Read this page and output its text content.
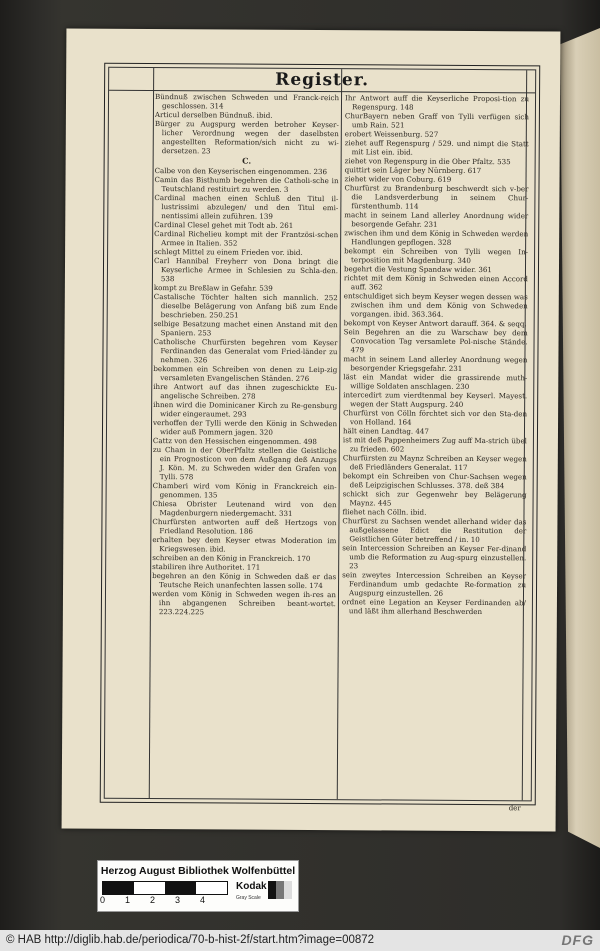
Register.

Bündnuß zwischen Schweden und Franck-reich geschlossen. 314

Articul derselben Bündnuß. ibid.

Bürger zu Augspurg werden betroher Keyser-licher Verordnung wegen der daselbsten angestellten Reformation/sich nicht zu wi-dersetzen. 23

C.

Calbe von den Keyserischen eingenommen. 236

Camin das Bisthumb begehren die Catholi-sche in Teutschland restituirt zu werden. 3

Cardinal machen einen Schluß den Titul il-lustrissimi abzulegen/ und den Titul emi-nentissimi allein zuführen. 139

Cardinal Clesel gehet mit Todt ab. 261

Cardinal Richelieu kompt mit der Frantzösi-schen Armee in Italien. 352

schlegt Mittel zu einem Frieden vor. ibid.

Carl Hannibal Freyherr von Dona bringt die Keyserliche Armee in Schlesien zu Schla-den. 538

kompt zu Breßlaw in Gefahr. 539

Castalische Töchter halten sich mannlich. 252 dieselbe Belägerung von Anfang biß zum Ende beschrieben. 250.251

selbige Besatzung machet einen Anstand mit den Spaniern. 253

Catholische Churfürsten begehren vom Keyser Ferdinanden das Generalat vom Fried-länder zu nehmen. 326

bekommen ein Schreiben von denen zu Leip-zig versamleten Evangelischen Ständen. 276

ihre Antwort auf das ihnen zugeschickte Eu-angelische Schreiben. 278

ihnen wird die Dominicaner Kirch zu Re-gensburg wider eingeraumet. 293

verhoffen der Tylli werde den König in Schweden wider auß Pommern jagen. 320

Cattz von den Hessischen eingenommen. 498

zu Cham in der OberPfaltz stellen die Geistliche ein Prognosticon von dem Außgang deß Anzugs J. Kön. M. zu Schweden wider den Grafen von Tylli. 578

Chamberi wird vom König in Franckreich ein-genommen. 135

Chiesa Obrister Leutenand wird von den Magdenburgern niedergemacht. 331

Churfürsten antworten auff deß Hertzogs von Friedland Resolution. 186

erhalten bey dem Keyser etwas Moderation im Kriegswesen. ibid.

schreiben an den König in Franckreich. 170

stabiliren ihre Authoritet. 171

begehren an den König in Schweden daß er das Teutsche Reich unanfechten lassen solle. 174

werden vom König in Schweden wegen ih-res an ihn abgangenen Schreiben beant-wortet. 223.224.225

Ihr Antwort auff die Keyserliche Proposi-tion zu Regenspurg. 148

ChurBayern neben Graff von Tylli verfügen sich umb Rain. 521

erobert Weissenburg. 527

ziehet auff Regenspurg / 529. und nimpt die Statt mit List ein. ibid.

ziehet von Regenspurg in die Ober Pfaltz. 535

quittirt sein Läger bey Nürnberg. 617

ziehet wider von Coburg. 619

Churfürst zu Brandenburg beschwerdt sich v-ber die Landsverderbung in seinem Chur-fürstenthumb. 114

macht in seinem Land allerley Anordnung wider besorgende Gefahr. 231

zwischen ihm und dem König in Schweden werden Handlungen gepflogen. 328

bekompt ein Schreiben von Tylli wegen In-terposition mit Magdenburg. 340

begehrt die Vestung Spandaw wider. 361

richtet mit dem König in Schweden einen Accord auff. 362

entschuldiget sich beym Keyser wegen dessen was zwischen ihm und dem König von Schweden vorgangen. ibid. 363.364.

bekompt von Keyser Antwort darauff. 364. & seqq.

Sein Begehren an die zu Warschaw bey dem Convocation Tag versamlete Pol-nische Stände. 479

macht in seinem Land allerley Anordnung wegen besorgender Kriegsgefahr. 231

läst ein Mandat wider die grassirende muth-willige Soldaten anschlagen. 230

intercedirt zum vierdtenmal bey Keyserl. Mayest. wegen der Statt Augspurg. 240

Churfürst von Cölln förchtet sich vor den Sta-den von Holland. 164

hält einen Landtag. 447

ist mit deß Pappenheimers Zug auff Ma-strich übel zu frieden. 602

Churfürsten zu Maynz Schreiben an Keyser wegen deß Friedländers Generalat. 117

bekompt ein Schreiben von Chur-Sachsen wegen deß Leipzigischen Schlusses. 378. deß 384

schickt sich zur Gegenwehr bey Belägerung Maynz. 445

fliehet nach Cölln. ibid.

Churfürst zu Sachsen wendet allerhand wider das außgelassene Edict die Restitution der Geistlichen Güter betreffend / in. 10

sein Intercession Schreiben an Keyser Fer-dinand umb die Reformation zu Aug-spurg einzustellen. 23

sein zweytes Intercession Schreiben an Keyser Ferdinandum umb gedachte Re-formation zu Augspurg einzustellen. 26

ordnet eine Legation an Keyser Ferdinanden ab/ und läßt ihm allerhand Beschwerden

der
Herzog August Bibliothek Wolfenbüttel
0 1 2 3 4
Kodak
Gray Scale
© HAB http://diglib.hab.de/periodica/70-b-hist-2f/start.htm?image=00872	DFG
